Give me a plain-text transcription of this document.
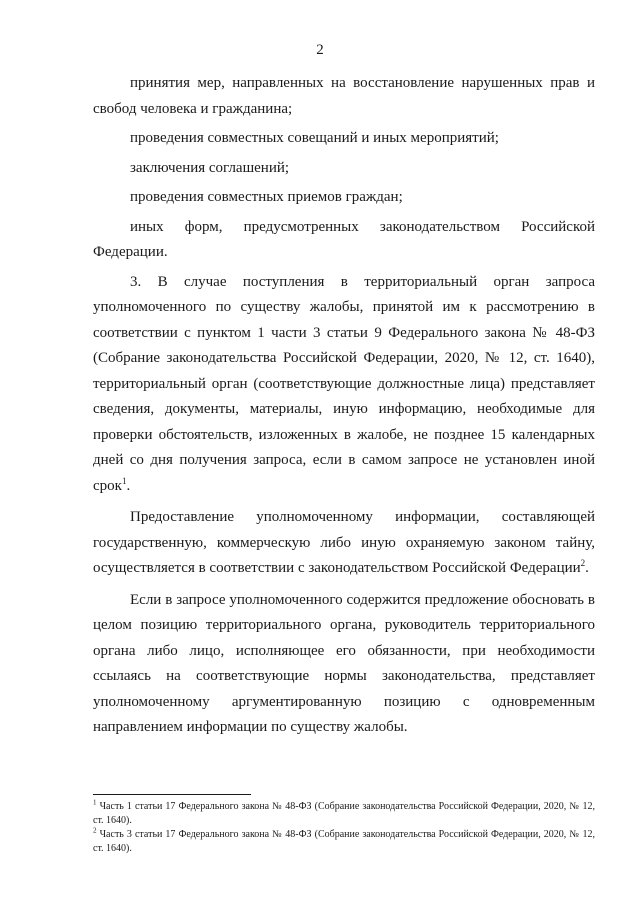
2

принятия мер, направленных на восстановление нарушенных прав и свобод человека и гражданина;

проведения совместных совещаний и иных мероприятий;

заключения соглашений;

проведения совместных приемов граждан;

иных форм, предусмотренных законодательством Российской Федерации.

3. В случае поступления в территориальный орган запроса уполномоченного по существу жалобы, принятой им к рассмотрению в соответствии с пунктом 1 части 3 статьи 9 Федерального закона № 48-ФЗ (Собрание законодательства Российской Федерации, 2020, № 12, ст. 1640), территориальный орган (соответствующие должностные лица) представляет сведения, документы, материалы, иную информацию, необходимые для проверки обстоятельств, изложенных в жалобе, не позднее 15 календарных дней со дня получения запроса, если в самом запросе не установлен иной срок$^1$.

Предоставление уполномоченному информации, составляющей государственную, коммерческую либо иную охраняемую законом тайну, осуществляется в соответствии с законодательством Российской Федерации$^2$.

Если в запросе уполномоченного содержится предложение обосновать в целом позицию территориального органа, руководитель территориального органа либо лицо, исполняющее его обязанности, при необходимости ссылаясь на соответствующие нормы законодательства, представляет уполномоченному аргументированную позицию с одновременным направлением информации по существу жалобы.

$^1$ Часть 1 статьи 17 Федерального закона № 48-ФЗ (Собрание законодательства Российской Федерации, 2020, № 12, ст. 1640).

$^2$ Часть 3 статьи 17 Федерального закона № 48-ФЗ (Собрание законодательства Российской Федерации, 2020, № 12, ст. 1640).
